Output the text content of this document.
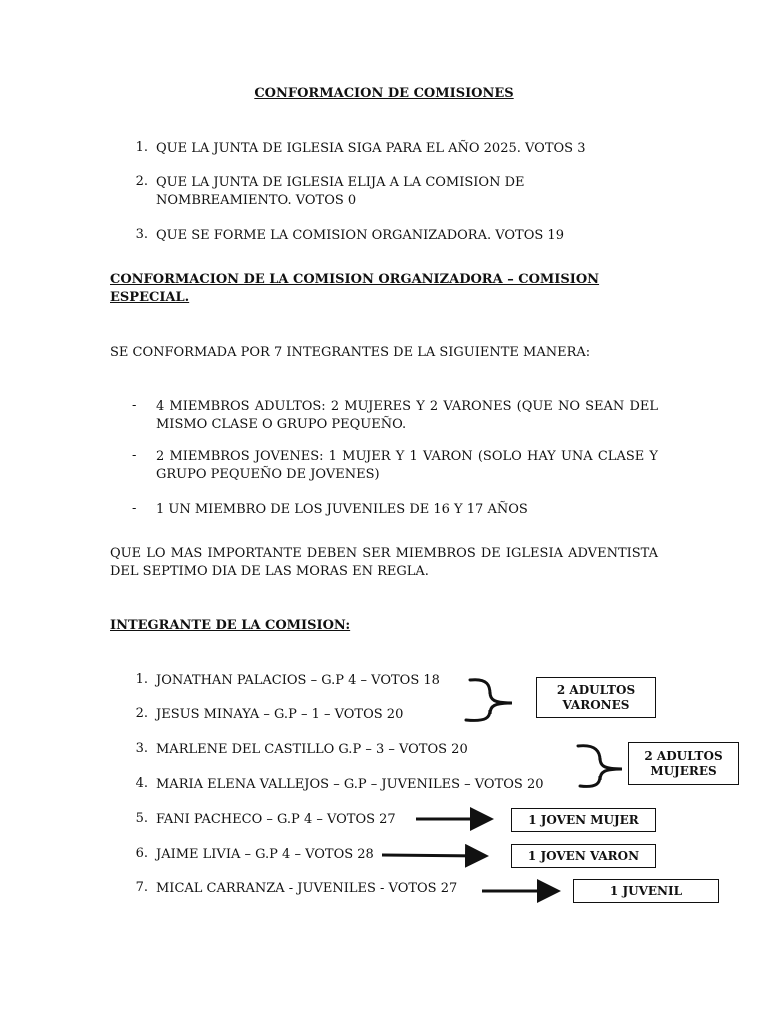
CONFORMACION DE COMISIONES
1. QUE LA JUNTA DE IGLESIA SIGA PARA EL AÑO 2025. VOTOS 3
2. QUE LA JUNTA DE IGLESIA ELIJA A LA COMISION DE NOMBREAMIENTO. VOTOS 0
3. QUE SE FORME LA COMISION ORGANIZADORA. VOTOS 19
CONFORMACION DE LA COMISION ORGANIZADORA – COMISION ESPECIAL.
SE CONFORMADA POR 7 INTEGRANTES DE LA SIGUIENTE MANERA:
- 4 MIEMBROS ADULTOS: 2 MUJERES Y 2 VARONES (QUE NO SEAN DEL MISMO CLASE O GRUPO PEQUEÑO.
- 2 MIEMBROS JOVENES: 1 MUJER Y 1 VARON (SOLO HAY UNA CLASE Y GRUPO PEQUEÑO DE JOVENES)
- 1 UN MIEMBRO DE LOS JUVENILES DE 16 Y 17 AÑOS
QUE LO MAS IMPORTANTE DEBEN SER MIEMBROS DE IGLESIA ADVENTISTA DEL SEPTIMO DIA DE LAS MORAS EN REGLA.
INTEGRANTE DE LA COMISION:
1. JONATHAN PALACIOS – G.P 4 – VOTOS 18
2. JESUS MINAYA – G.P – 1 – VOTOS 20
3. MARLENE DEL CASTILLO G.P – 3 – VOTOS 20
4. MARIA ELENA VALLEJOS – G.P – JUVENILES – VOTOS 20
5. FANI PACHECO – G.P 4 – VOTOS 27
6. JAIME LIVIA – G.P 4 – VOTOS 28
7. MICAL CARRANZA - JUVENILES - VOTOS 27
2 ADULTOS VARONES
2 ADULTOS MUJERES
1 JOVEN MUJER
1 JOVEN VARON
1 JUVENIL
